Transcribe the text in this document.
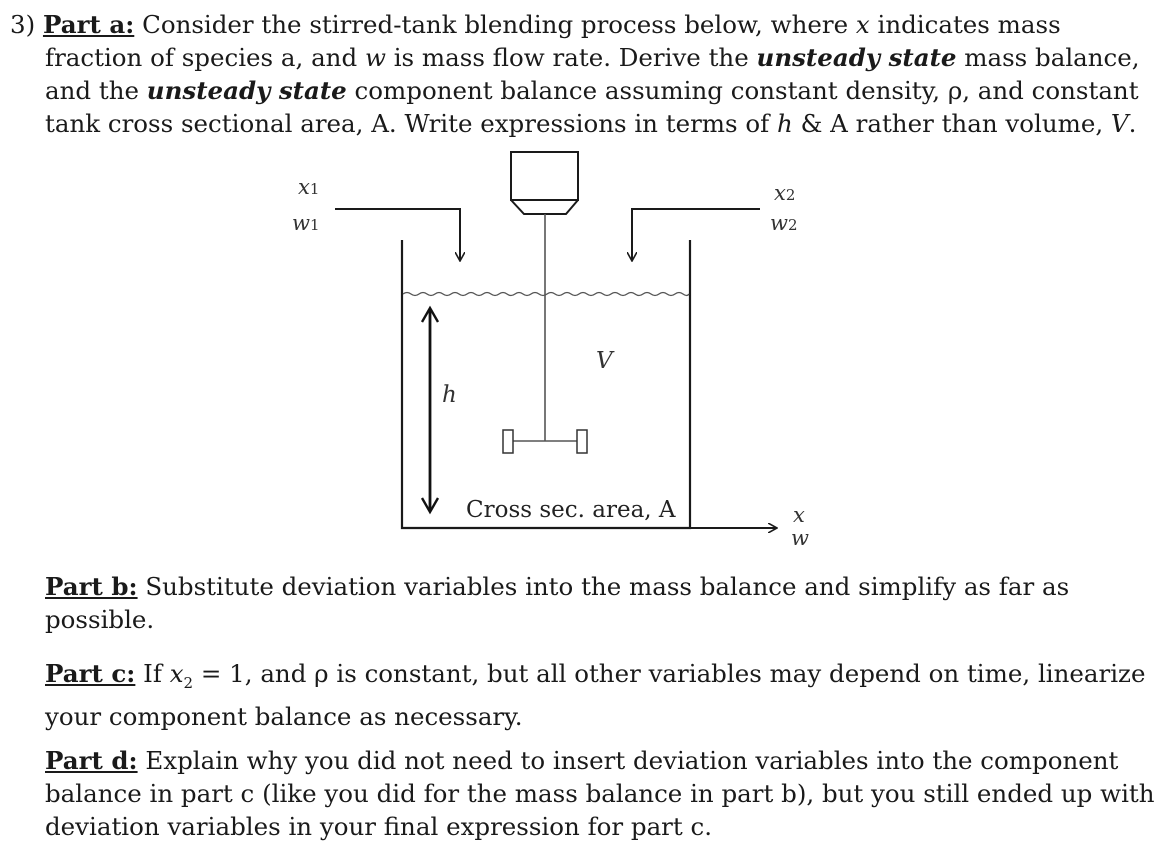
3) Part a: Consider the stirred-tank blending process below, where x indicates mass
fraction of species a, and w is mass flow rate. Derive the unsteady state mass balance,
and the unsteady state component balance assuming constant density, ρ, and constant
tank cross sectional area, A. Write expressions in terms of h & A rather than volume, V.
x1
w1
x2
w2
V
h
Cross sec. area, A	x
w
Part b: Substitute deviation variables into the mass balance and simplify as far as
possible.
Part c: If $x_2 = 1$, and ρ is constant, but all other variables may depend on time, linearize
your component balance as necessary.
Part d: Explain why you did not need to insert deviation variables into the component
balance in part c (like you did for the mass balance in part b), but you still ended up with
deviation variables in your final expression for part c.
